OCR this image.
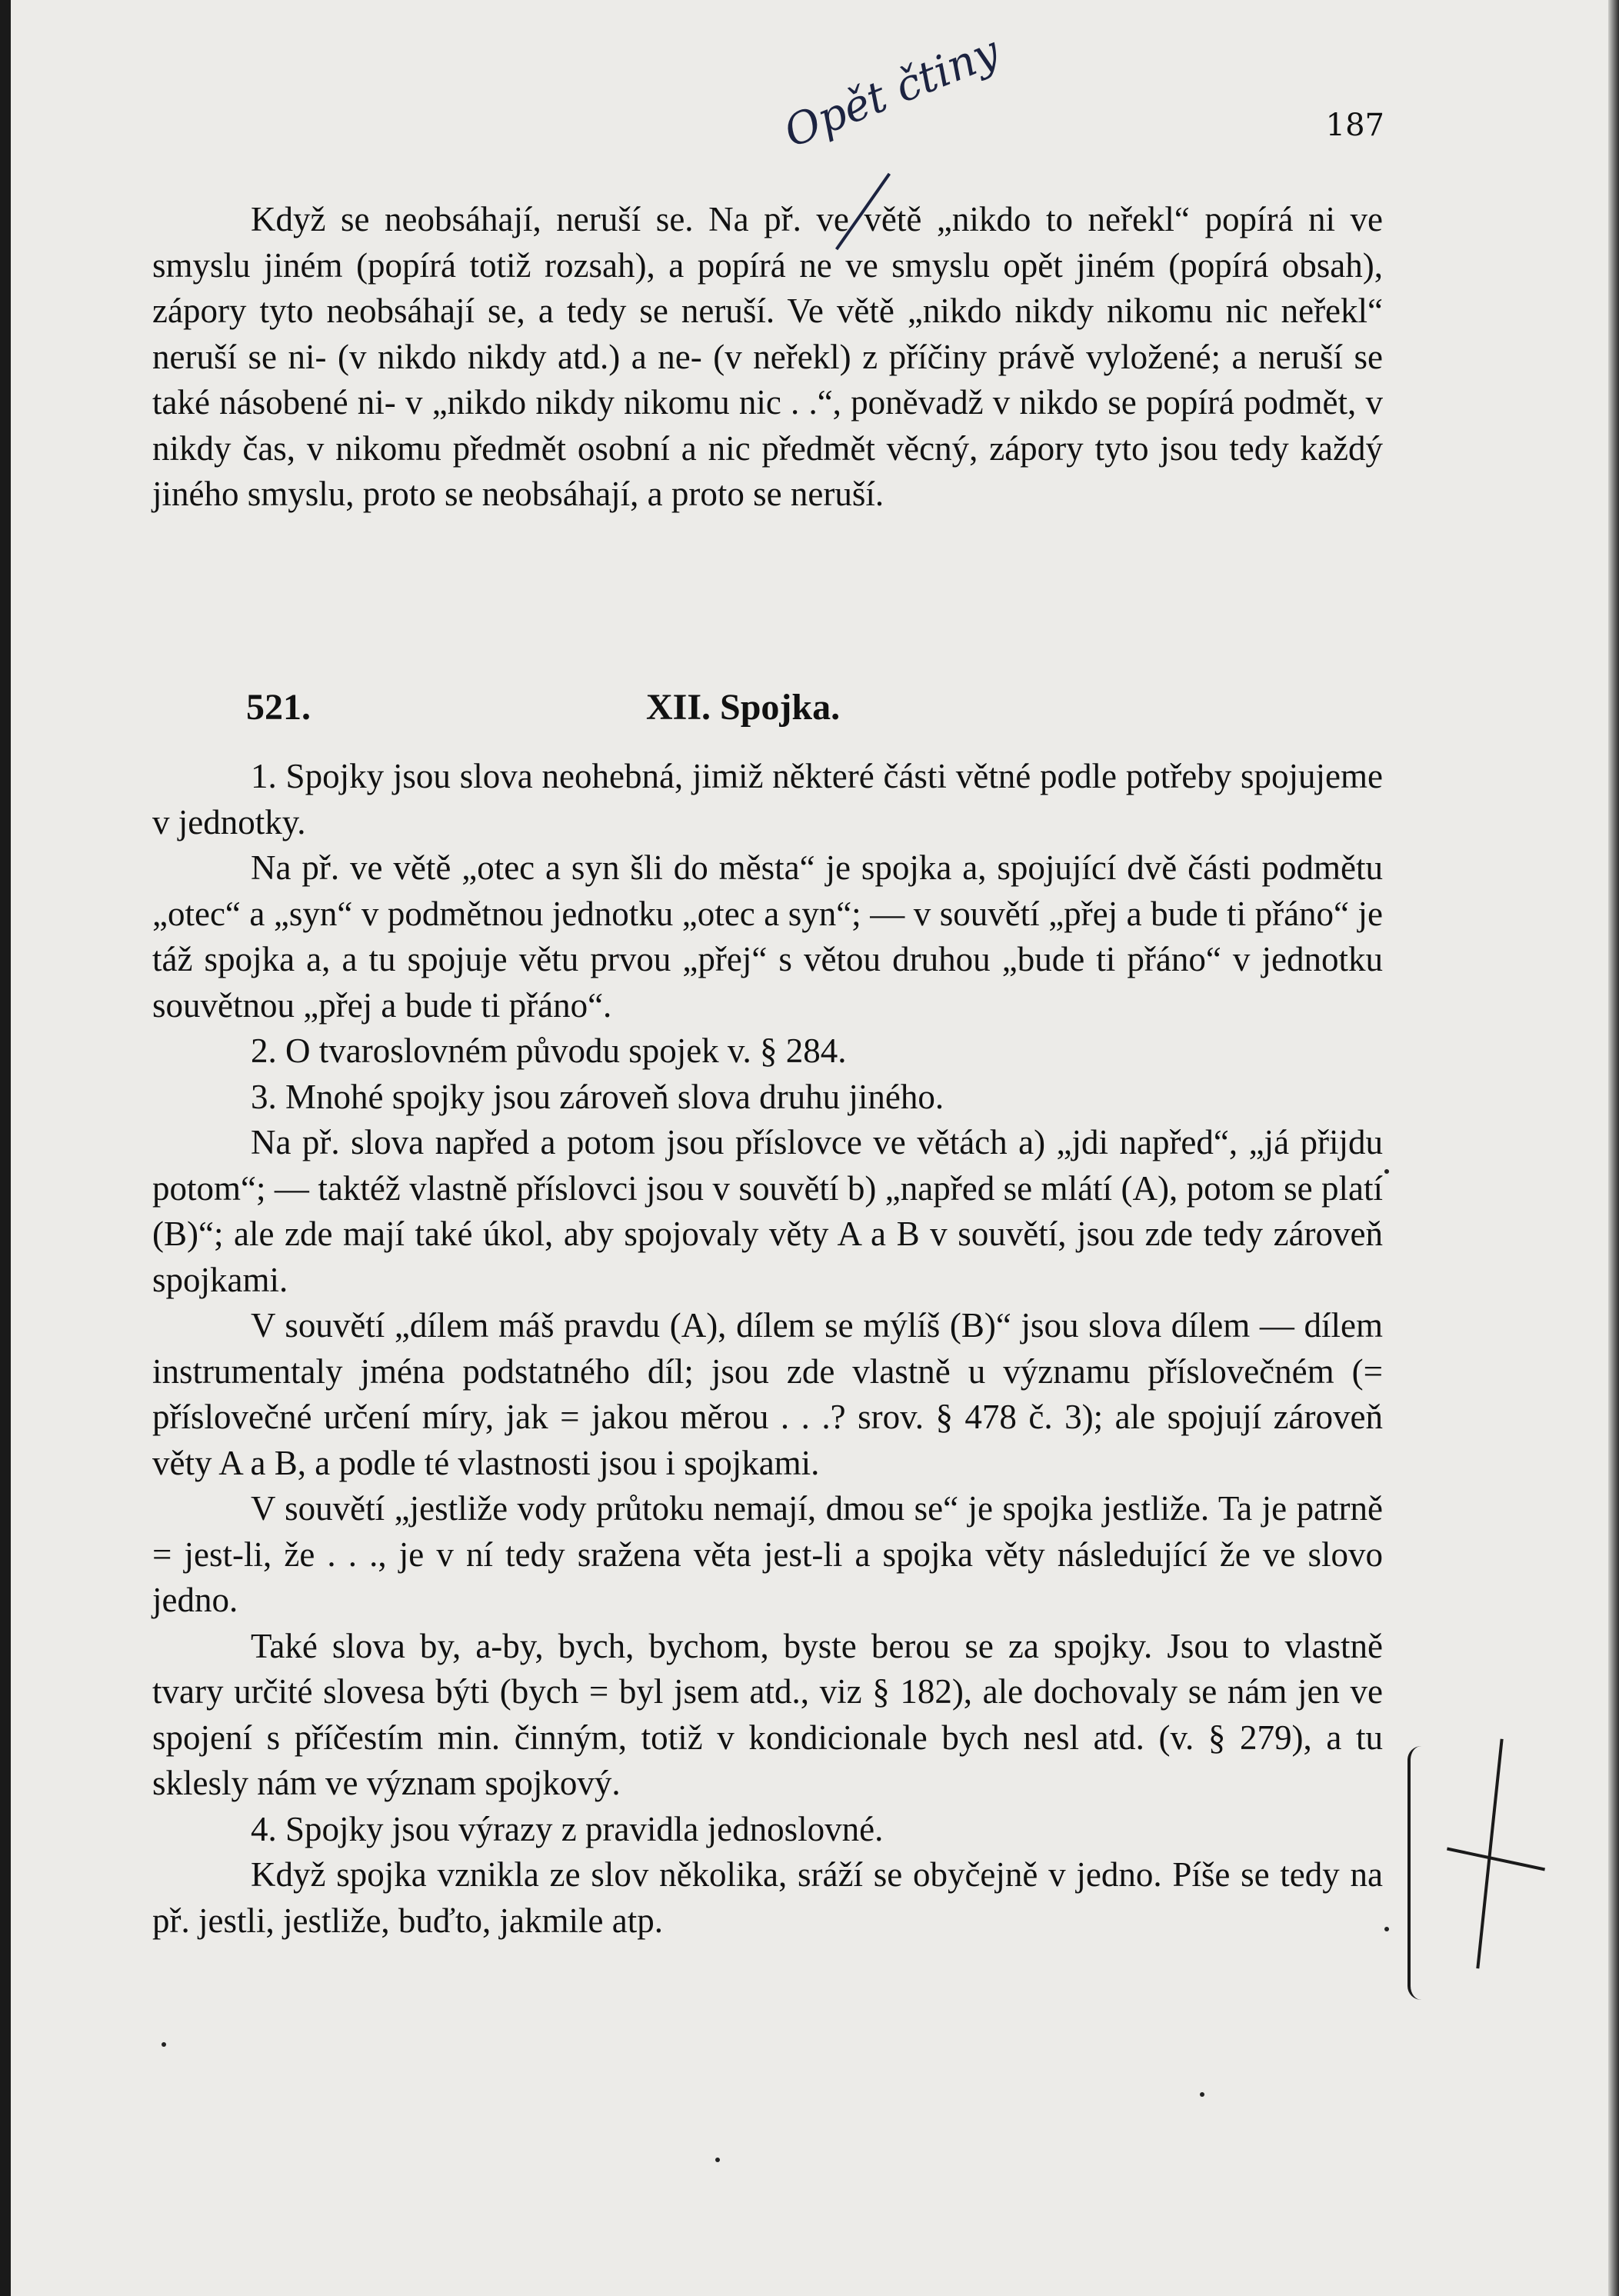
187
Opět čtiny

Když se neobsáhají, neruší se. Na př. ve větě „nikdo to neřekl“ popírá ni ve smyslu jiném (popírá totiž rozsah), a popírá ne ve smyslu opět jiném (popírá obsah), zápory tyto neobsáhají se, a tedy se neruší. Ve větě „nikdo nikdy nikomu nic neřekl“ neruší se ni- (v nikdo nikdy atd.) a ne- (v neřekl) z příčiny právě vyložené; a neruší se také násobené ni- v „nikdo nikdy nikomu nic . .“, poněvadž v nikdo se popírá podmět, v nikdy čas, v nikomu předmět osobní a nic předmět věcný, zápory tyto jsou tedy každý jiného smyslu, proto se neobsáhají, a proto se neruší.

521.	XII. Spojka.

1. Spojky jsou slova neohebná, jimiž některé části větné podle potřeby spojujeme v jednotky.

Na př. ve větě „otec a syn šli do města“ je spojka a, spojující dvě části podmětu „otec“ a „syn“ v podmětnou jednotku „otec a syn“; — v souvětí „přej a bude ti přáno“ je táž spojka a, a tu spojuje větu prvou „přej“ s větou druhou „bude ti přáno“ v jednotku souvětnou „přej a bude ti přáno“.

2. O tvaroslovném původu spojek v. § 284.

3. Mnohé spojky jsou zároveň slova druhu jiného.

Na př. slova napřed a potom jsou příslovce ve větách a) „jdi napřed“, „já přijdu potom“; — taktéž vlastně příslovci jsou v souvětí b) „napřed se mlátí (A), potom se platí (B)“; ale zde mají také úkol, aby spojovaly věty A a B v souvětí, jsou zde tedy zároveň spojkami.

V souvětí „dílem máš pravdu (A), dílem se mýlíš (B)“ jsou slova dílem — dílem instrumentaly jména podstatného díl; jsou zde vlastně u významu příslovečném (= příslovečné určení míry, jak = jakou měrou . . .? srov. § 478 č. 3); ale spojují zároveň věty A a B, a podle té vlastnosti jsou i spojkami.

V souvětí „jestliže vody průtoku nemají, dmou se“ je spojka jestliže. Ta je patrně = jest-li, že . . ., je v ní tedy sražena věta jest-li a spojka věty následující že ve slovo jedno.

Také slova by, a-by, bych, bychom, byste berou se za spojky. Jsou to vlastně tvary určité slovesa býti (bych = byl jsem atd., viz § 182), ale dochovaly se nám jen ve spojení s příčestím min. činným, totiž v kondicionale bych nesl atd. (v. § 279), a tu sklesly nám ve význam spojkový.

4. Spojky jsou výrazy z pravidla jednoslovné.

Když spojka vznikla ze slov několika, sráží se obyčejně v jedno. Píše se tedy na př. jestli, jestliže, buďto, jakmile atp.
